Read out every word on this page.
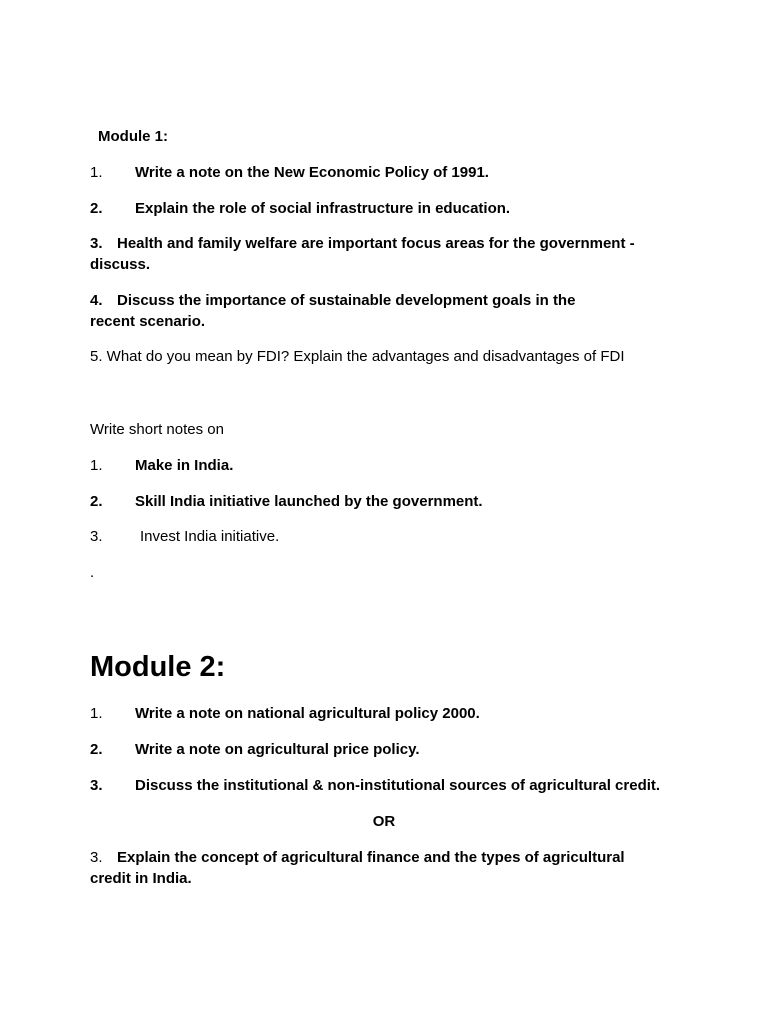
Module 1:
1. Write a note on the New Economic Policy of 1991.
2. Explain the role of social infrastructure in education.
3. Health and family welfare are important focus areas for the government -
discuss.
4. Discuss the importance of sustainable development goals in the
recent scenario.
5. What do you mean by FDI? Explain the advantages and disadvantages of FDI
Write short notes on
1. Make in India.
2. Skill India initiative launched by the government.
3. Invest India initiative.
.
Module 2:
1. Write a note on national agricultural policy 2000.
2. Write a note on agricultural price policy.
3. Discuss the institutional & non-institutional sources of agricultural credit.
OR
3. Explain the concept of agricultural finance and the types of agricultural
credit in India.
